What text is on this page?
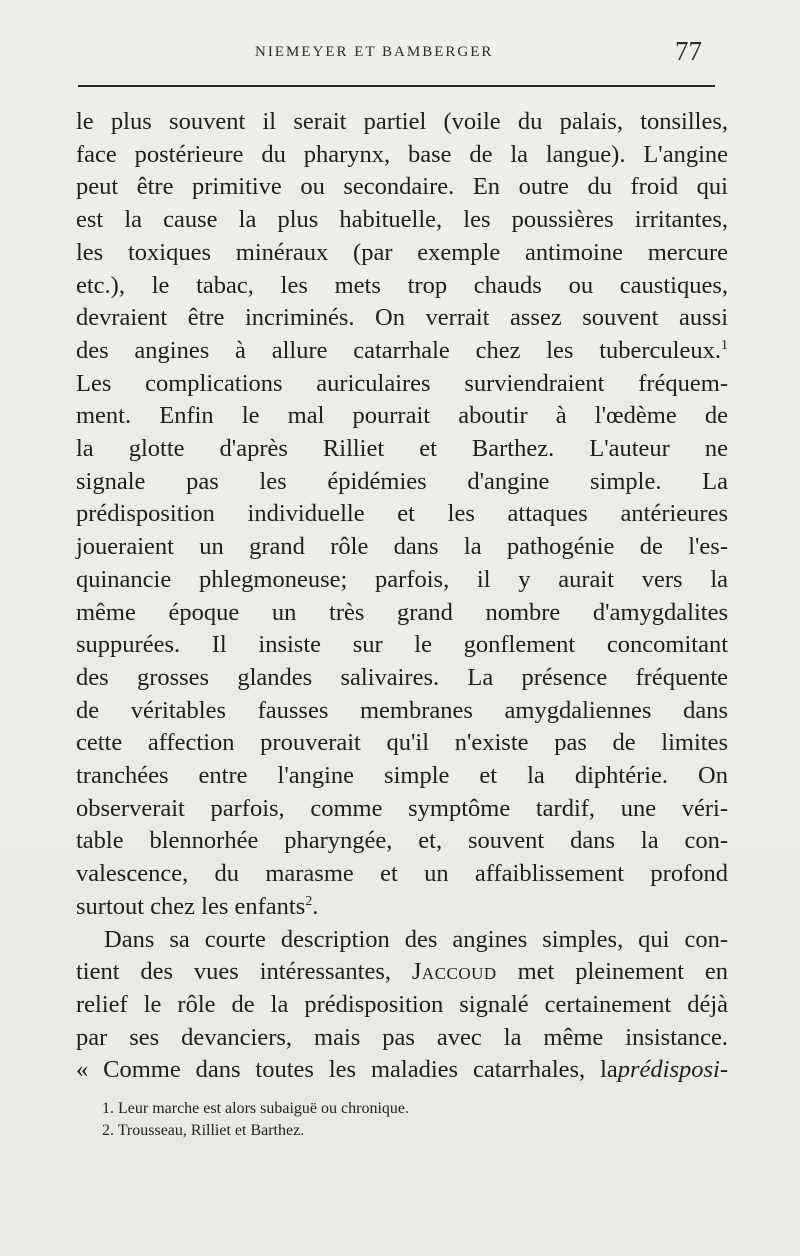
NIEMEYER ET BAMBERGER	77
le plus souvent il serait partiel (voile du palais, tonsilles,
face postérieure du pharynx, base de la langue). L'angine
peut être primitive ou secondaire. En outre du froid qui
est la cause la plus habituelle, les poussières irritantes,
les toxiques minéraux (par exemple antimoine mercure
etc.), le tabac, les mets trop chauds ou caustiques,
devraient être incriminés. On verrait assez souvent aussi
des angines à allure catarrhale chez les tuberculeux.$^1$
Les complications auriculaires surviendraient fréquem-
ment. Enfin le mal pourrait aboutir à l'œdème de
la glotte d'après Rilliet et Barthez. L'auteur ne
signale pas les épidémies d'angine simple. La
prédisposition individuelle et les attaques antérieures
joueraient un grand rôle dans la pathogénie de l'es-
quinancie phlegmoneuse; parfois, il y aurait vers la
même époque un très grand nombre d'amygdalites
suppurées. Il insiste sur le gonflement concomitant
des grosses glandes salivaires. La présence fréquente
de véritables fausses membranes amygdaliennes dans
cette affection prouverait qu'il n'existe pas de limites
tranchées entre l'angine simple et la diphtérie. On
observerait parfois, comme symptôme tardif, une véri-
table blennorhée pharyngée, et, souvent dans la con-
valescence, du marasme et un affaiblissement profond
surtout chez les enfants$^2$.
Dans sa courte description des angines simples, qui con-
tient des vues intéressantes, Jaccoud met pleinement en
relief le rôle de la prédisposition signalé certainement déjà
par ses devanciers, mais pas avec la même insistance.
« Comme dans toutes les maladies catarrhales, laprédisposi-
1. Leur marche est alors subaiguë ou chronique.
2. Trousseau, Rilliet et Barthez.
